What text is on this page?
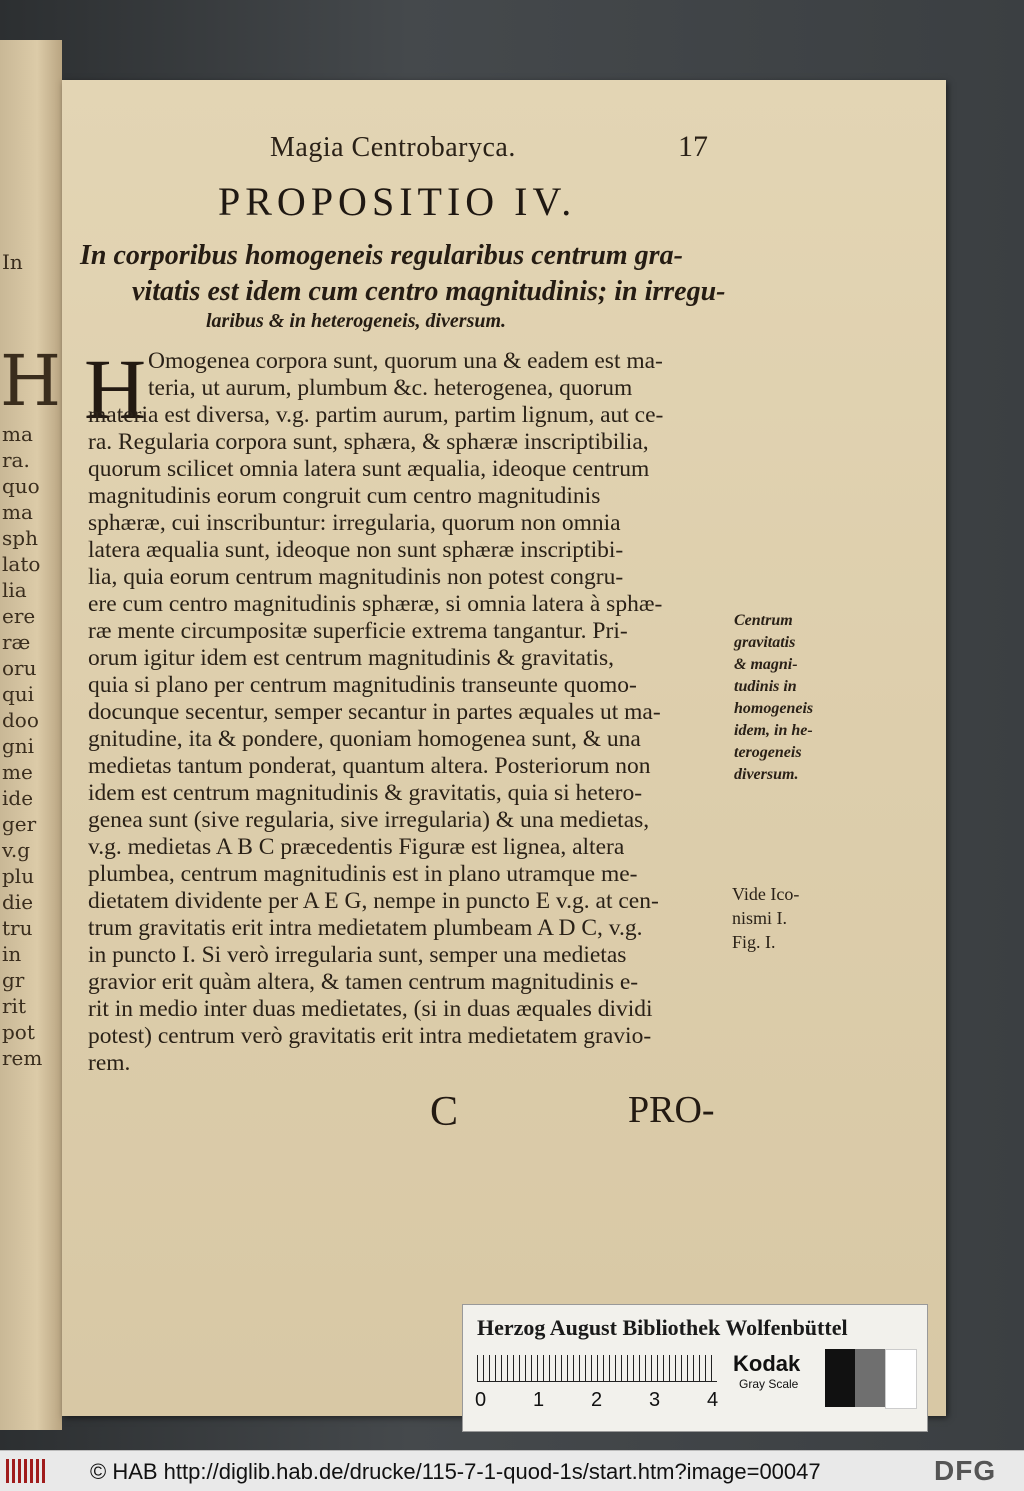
In
H
ma
ra.
quo
ma
sph
lato
lia
ere
ræ
oru
qui
doo
gni
me
ide
ger
v.g
plu
die
tru
in
gr
rit
pot
rem
Magia Centrobaryca.	17
PROPOSITIO IV.
In corporibus homogeneis regularibus centrum gra-
vitatis est idem cum centro magnitudinis; in irregu-
laribus & in heterogeneis, diversum.
H Omogenea corpora sunt, quorum una & eadem est ma-
teria, ut aurum, plumbum &c. heterogenea, quorum
materia est diversa, v.g. partim aurum, partim lignum, aut ce-
ra. Regularia corpora sunt, sphæra, & sphæræ inscriptibilia,
quorum scilicet omnia latera sunt æqualia, ideoque centrum
magnitudinis eorum congruit cum centro magnitudinis
sphæræ, cui inscribuntur: irregularia, quorum non omnia
latera æqualia sunt, ideoque non sunt sphæræ inscriptibi-
lia, quia eorum centrum magnitudinis non potest congru-
ere cum centro magnitudinis sphæræ, si omnia latera à sphæ-
ræ mente circumpositæ superficie extrema tangantur. Pri-
orum igitur idem est centrum magnitudinis & gravitatis,
quia si plano per centrum magnitudinis transeunte quomo-
docunque secentur, semper secantur in partes æquales ut ma-
gnitudine, ita & pondere, quoniam homogenea sunt, & una
medietas tantum ponderat, quantum altera. Posteriorum non
idem est centrum magnitudinis & gravitatis, quia si hetero-
genea sunt (sive regularia, sive irregularia) & una medietas,
v.g. medietas A B C præcedentis Figuræ est lignea, altera
plumbea, centrum magnitudinis est in plano utramque me-
dietatem dividente per A E G, nempe in puncto E v.g. at cen-
trum gravitatis erit intra medietatem plumbeam A D C, v.g.
in puncto I. Si verò irregularia sunt, semper una medietas
gravior erit quàm altera, & tamen centrum magnitudinis e-
rit in medio inter duas medietates, (si in duas æquales dividi
potest) centrum verò gravitatis erit intra medietatem gravio-
rem.
Centrum
gravitatis
& magni-
tudinis in
homogeneis
idem, in he-
terogeneis
diversum.
Vide Ico-
nismi I.
Fig. I.
C	PRO-
Herzog August Bibliothek Wolfenbüttel
0 1 2 3 4
Kodak
Gray Scale
© HAB http://diglib.hab.de/drucke/115-7-1-quod-1s/start.htm?image=00047	DFG
